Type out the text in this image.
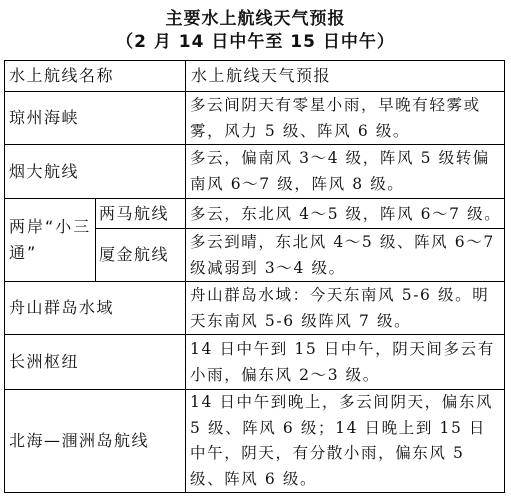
主要水上航线天气预报
（2 月 14 日中午至 15 日中午）
水上航线名称	水上航线天气预报
琼州海峡
多云间阴天有零星小雨，早晚有轻雾或雾，风力 5 级、阵风 6 级。
烟大航线
多云，偏南风 3～4 级，阵风 5 级转偏南风 6～7 级，阵风 8 级。
两岸“小三通”
两马航线	多云，东北风 4～5 级，阵风 6～7 级。
厦金航线
多云到晴，东北风 4～5 级、阵风 6～7 级减弱到 3～4 级。
舟山群岛水域
舟山群岛水域：今天东南风 5-6 级。明天东南风 5-6 级阵风 7 级。
长洲枢纽
14 日中午到 15 日中午，阴天间多云有小雨，偏东风 2～3 级。
北海—涠洲岛航线
14 日中午到晚上，多云间阴天，偏东风 5 级、阵风 6 级；14 日晚上到 15 日中午，阴天，有分散小雨，偏东风 5 级、阵风 6 级。
